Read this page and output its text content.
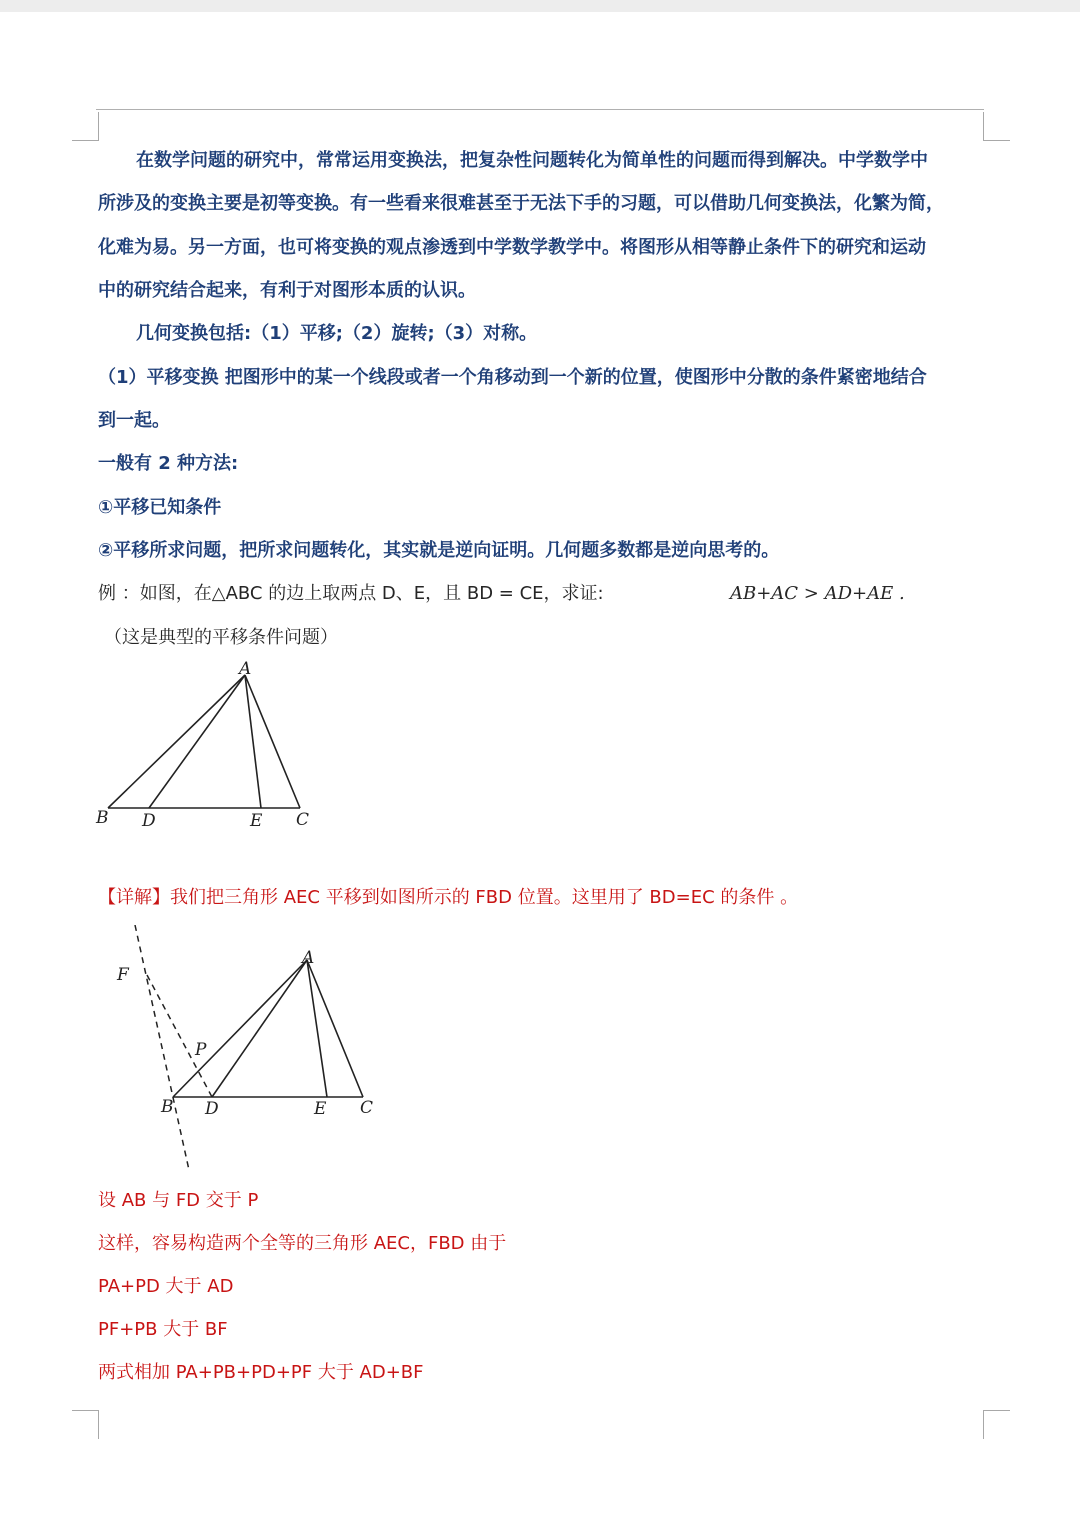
在数学问题的研究中，常常运用变换法，把复杂性问题转化为简单性的问题而得到解决。中学数学中
所涉及的变换主要是初等变换。有一些看来很难甚至于无法下手的习题，可以借助几何变换法，化繁为简，
化难为易。另一方面，也可将变换的观点渗透到中学数学教学中。将图形从相等静止条件下的研究和运动
中的研究结合起来，有利于对图形本质的认识。
几何变换包括:（1）平移;（2）旋转;（3）对称。
（1）平移变换 把图形中的某一个线段或者一个角移动到一个新的位置，使图形中分散的条件紧密地结合
到一起。
一般有 2 种方法:
①平移已知条件
②平移所求问题，把所求问题转化，其实就是逆向证明。几何题多数都是逆向思考的。
例 ：如图，在△ABC 的边上取两点 D、E，且 BD = CE，求证:	AB+AC > AD+AE .
（这是典型的平移条件问题）
A
B D	E C
【详解】我们把三角形 AEC 平移到如图所示的 FBD 位置。这里用了 BD=EC 的条件 。
A
F
P
B D	E C
设 AB 与 FD 交于 P
这样，容易构造两个全等的三角形 AEC，FBD 由于
PA+PD 大于 AD
PF+PB 大于 BF
两式相加 PA+PB+PD+PF 大于 AD+BF
